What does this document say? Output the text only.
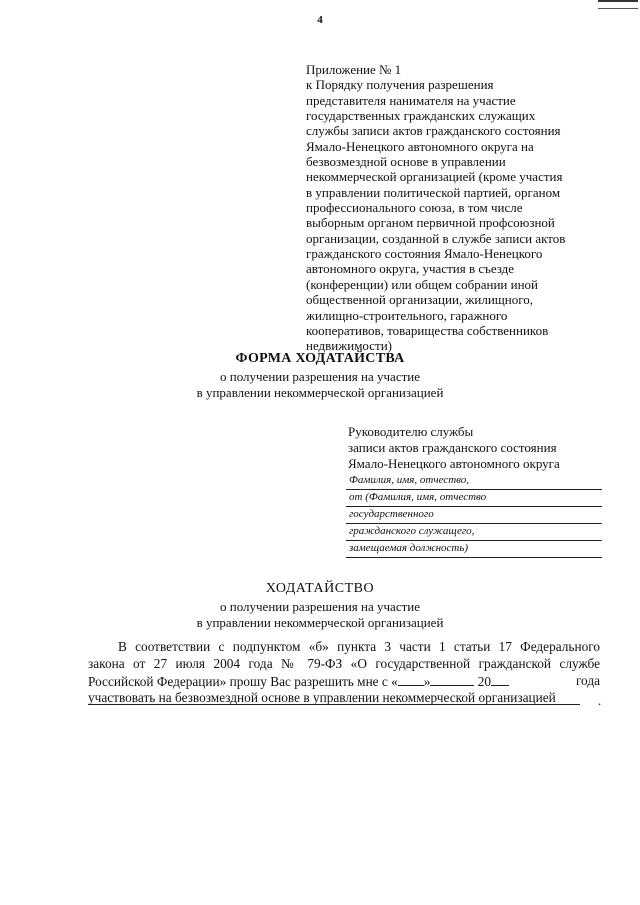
4
Приложение № 1
к Порядку получения разрешения
представителя нанимателя на участие
государственных гражданских служащих
службы записи актов гражданского состояния
Ямало-Ненецкого автономного округа на
безвозмездной основе в управлении
некоммерческой организацией (кроме участия
в управлении политической партией, органом
профессионального союза, в том числе
выборным органом первичной профсоюзной
организации, созданной в службе записи актов
гражданского состояния Ямало-Ненецкого
автономного округа, участия в съезде
(конференции) или общем собрании иной
общественной организации, жилищного,
жилищно-строительного, гаражного
кооперативов, товарищества собственников
недвижимости)
ФОРМА ХОДАТАЙСТВА
о получении разрешения на участие
в управлении некоммерческой организацией
Руководителю службы
записи актов гражданского состояния
Ямало-Ненецкого автономного округа
Фамилия, имя, отчество,
от (Фамилия, имя, отчество
государственного
гражданского служащего,
замещаемая должность)
ХОДАТАЙСТВО
о получении разрешения на участие
в управлении некоммерческой организацией
В соответствии с подпунктом «б» пункта 3 части 1 статьи 17 Федерального
закона от 27 июля 2004 года № 79-ФЗ «О государственной гражданской службе
Российской Федерации» прошу Вас разрешить мне с « »	20	года
участвовать на безвозмездной основе в управлении некоммерческой организацией	.
